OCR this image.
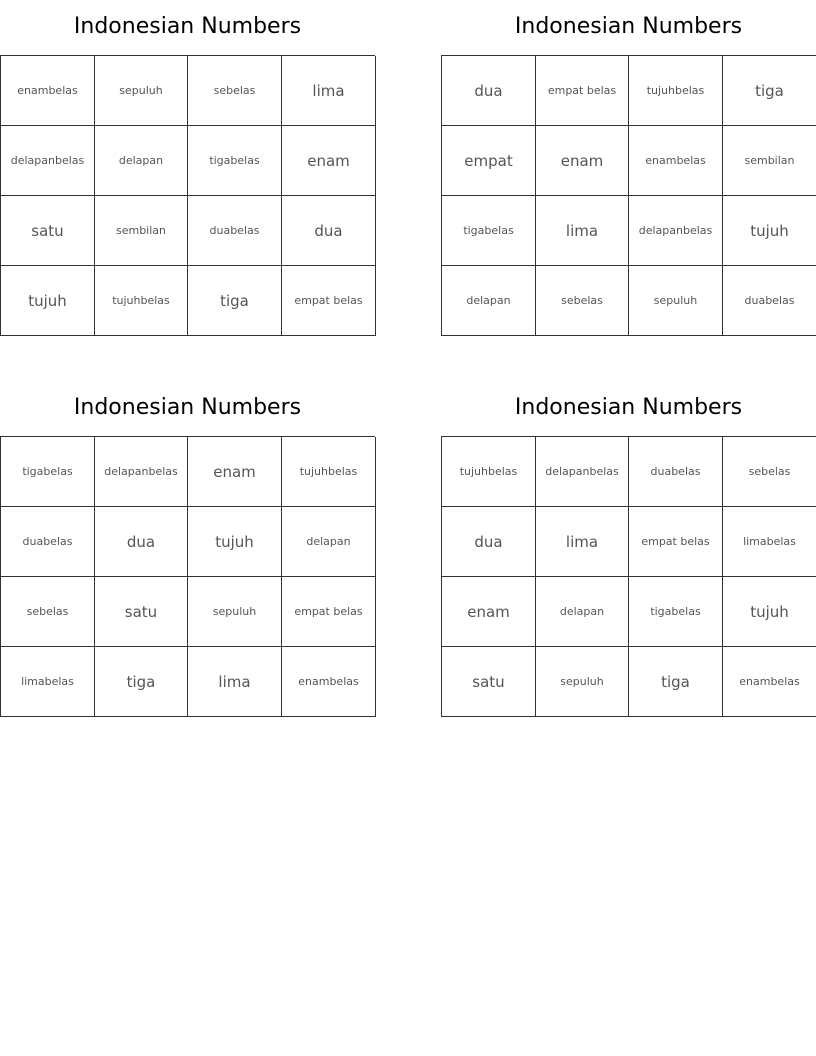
Indonesian Numbers
enambelas	sepuluh	sebelas	lima
delapanbelas	delapan	tigabelas	enam
satu	sembilan	duabelas	dua
tujuh	tujuhbelas	tiga	empat belas
Indonesian Numbers
dua	empat belas	tujuhbelas	tiga
empat	enam	enambelas	sembilan
tigabelas	lima	delapanbelas	tujuh
delapan	sebelas	sepuluh	duabelas
Indonesian Numbers
tigabelas	delapanbelas	enam	tujuhbelas
duabelas	dua	tujuh	delapan
sebelas	satu	sepuluh	empat belas
limabelas	tiga	lima	enambelas
Indonesian Numbers
tujuhbelas	delapanbelas	duabelas	sebelas
dua	lima	empat belas	limabelas
enam	delapan	tigabelas	tujuh
satu	sepuluh	tiga	enambelas
